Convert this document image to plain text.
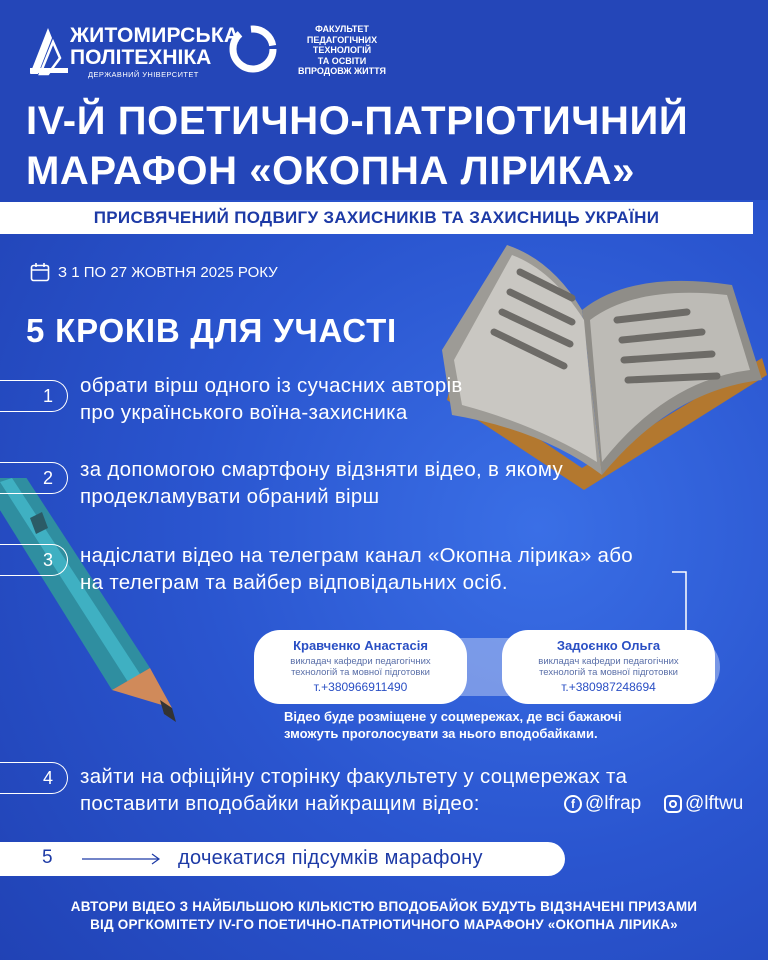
ЖИТОМИРСЬКА
ПОЛІТЕХНІКА
ДЕРЖАВНИЙ УНІВЕРСИТЕТ
ФАКУЛЬТЕТ
ПЕДАГОГІЧНИХ
ТЕХНОЛОГІЙ
ТА ОСВІТИ
ВПРОДОВЖ ЖИТТЯ
IV-Й ПОЕТИЧНО-ПАТРІОТИЧНИЙ
МАРАФОН «ОКОПНА ЛІРИКА»
ПРИСВЯЧЕНИЙ ПОДВИГУ ЗАХИСНИКІВ ТА ЗАХИСНИЦЬ УКРАЇНИ
З 1 ПО 27 ЖОВТНЯ 2025 РОКУ
5 КРОКІВ ДЛЯ УЧАСТІ
1	обрати вірш одного із сучасних авторів
про українського воїна-захисника
2	за допомогою смартфону відзняти відео, в якому
продекламувати обраний вірш
3	надіслати відео на телеграм канал «Окопна лірика» або
на телеграм та вайбер відповідальних осіб.
Кравченко Анастасія
викладач кафедри педагогічних
технологій та мовної підготовки
т.+380966911490
Задоєнко Ольга
викладач кафедри педагогічних
технологій та мовної підготовки
т.+380987248694
Відео буде розміщене у соцмережах, де всі бажаючі
зможуть проголосувати за нього вподобайками.
4	зайти на офіційну сторінку факультету у соцмережах та
поставити вподобайки найкращим відео:	f @lfrap @lftwu
5	дочекатися підсумків марафону
АВТОРИ ВІДЕО З НАЙБІЛЬШОЮ КІЛЬКІСТЮ ВПОДОБАЙОК БУДУТЬ ВІДЗНАЧЕНІ ПРИЗАМИ
ВІД ОРГКОМІТЕТУ IV-ГО ПОЕТИЧНО-ПАТРІОТИЧНОГО МАРАФОНУ «ОКОПНА ЛІРИКА»
